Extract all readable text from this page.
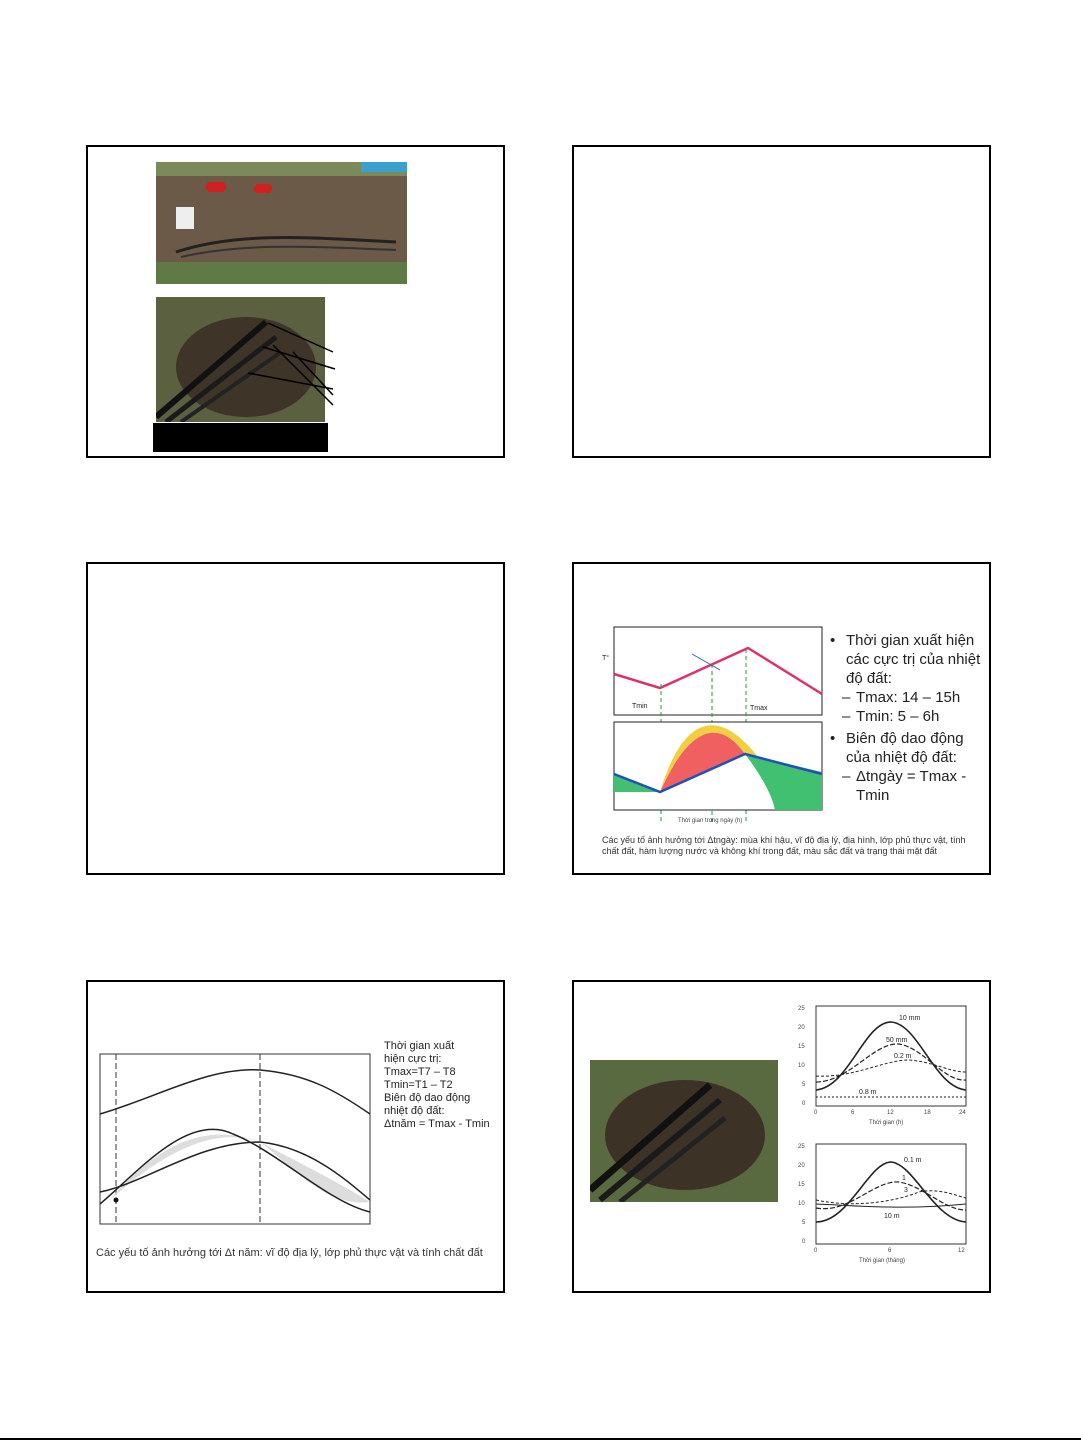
T°
Tmin	Tmax
Thời gian trong ngày (h)
• Thời gian xuất hiện các cực trị của nhiệt độ đất:
– Tmax: 14 – 15h
– Tmin: 5 – 6h
• Biên độ dao động của nhiệt độ đất:
– Δtngày = Tmax - Tmin
Các yếu tố ảnh hưởng tới Δtngày: mùa khí hậu, vĩ độ địa lý, địa hình, lớp phủ thực vật, tính chất đất, hàm lượng nước và không khí trong đất, màu sắc đất và trạng thái mặt đất
Thời gian xuất
hiện cực trị:
Tmax=T7 – T8
Tmin=T1 – T2
Biên độ dao động
nhiệt độ đất:
Δtnăm = Tmax - Tmin
Các yếu tố ảnh hưởng tới Δt năm: vĩ độ địa lý, lớp phủ thực vật và tính chất đất
25
20
15
10
5
0
10 mm
50 mm
0.2 m
0.8 m
0	6	12	18	24
Thời gian (h)
25
20
15
10
5
0
0.1 m
1
3
10 m
0	6	12
Thời gian (tháng)
